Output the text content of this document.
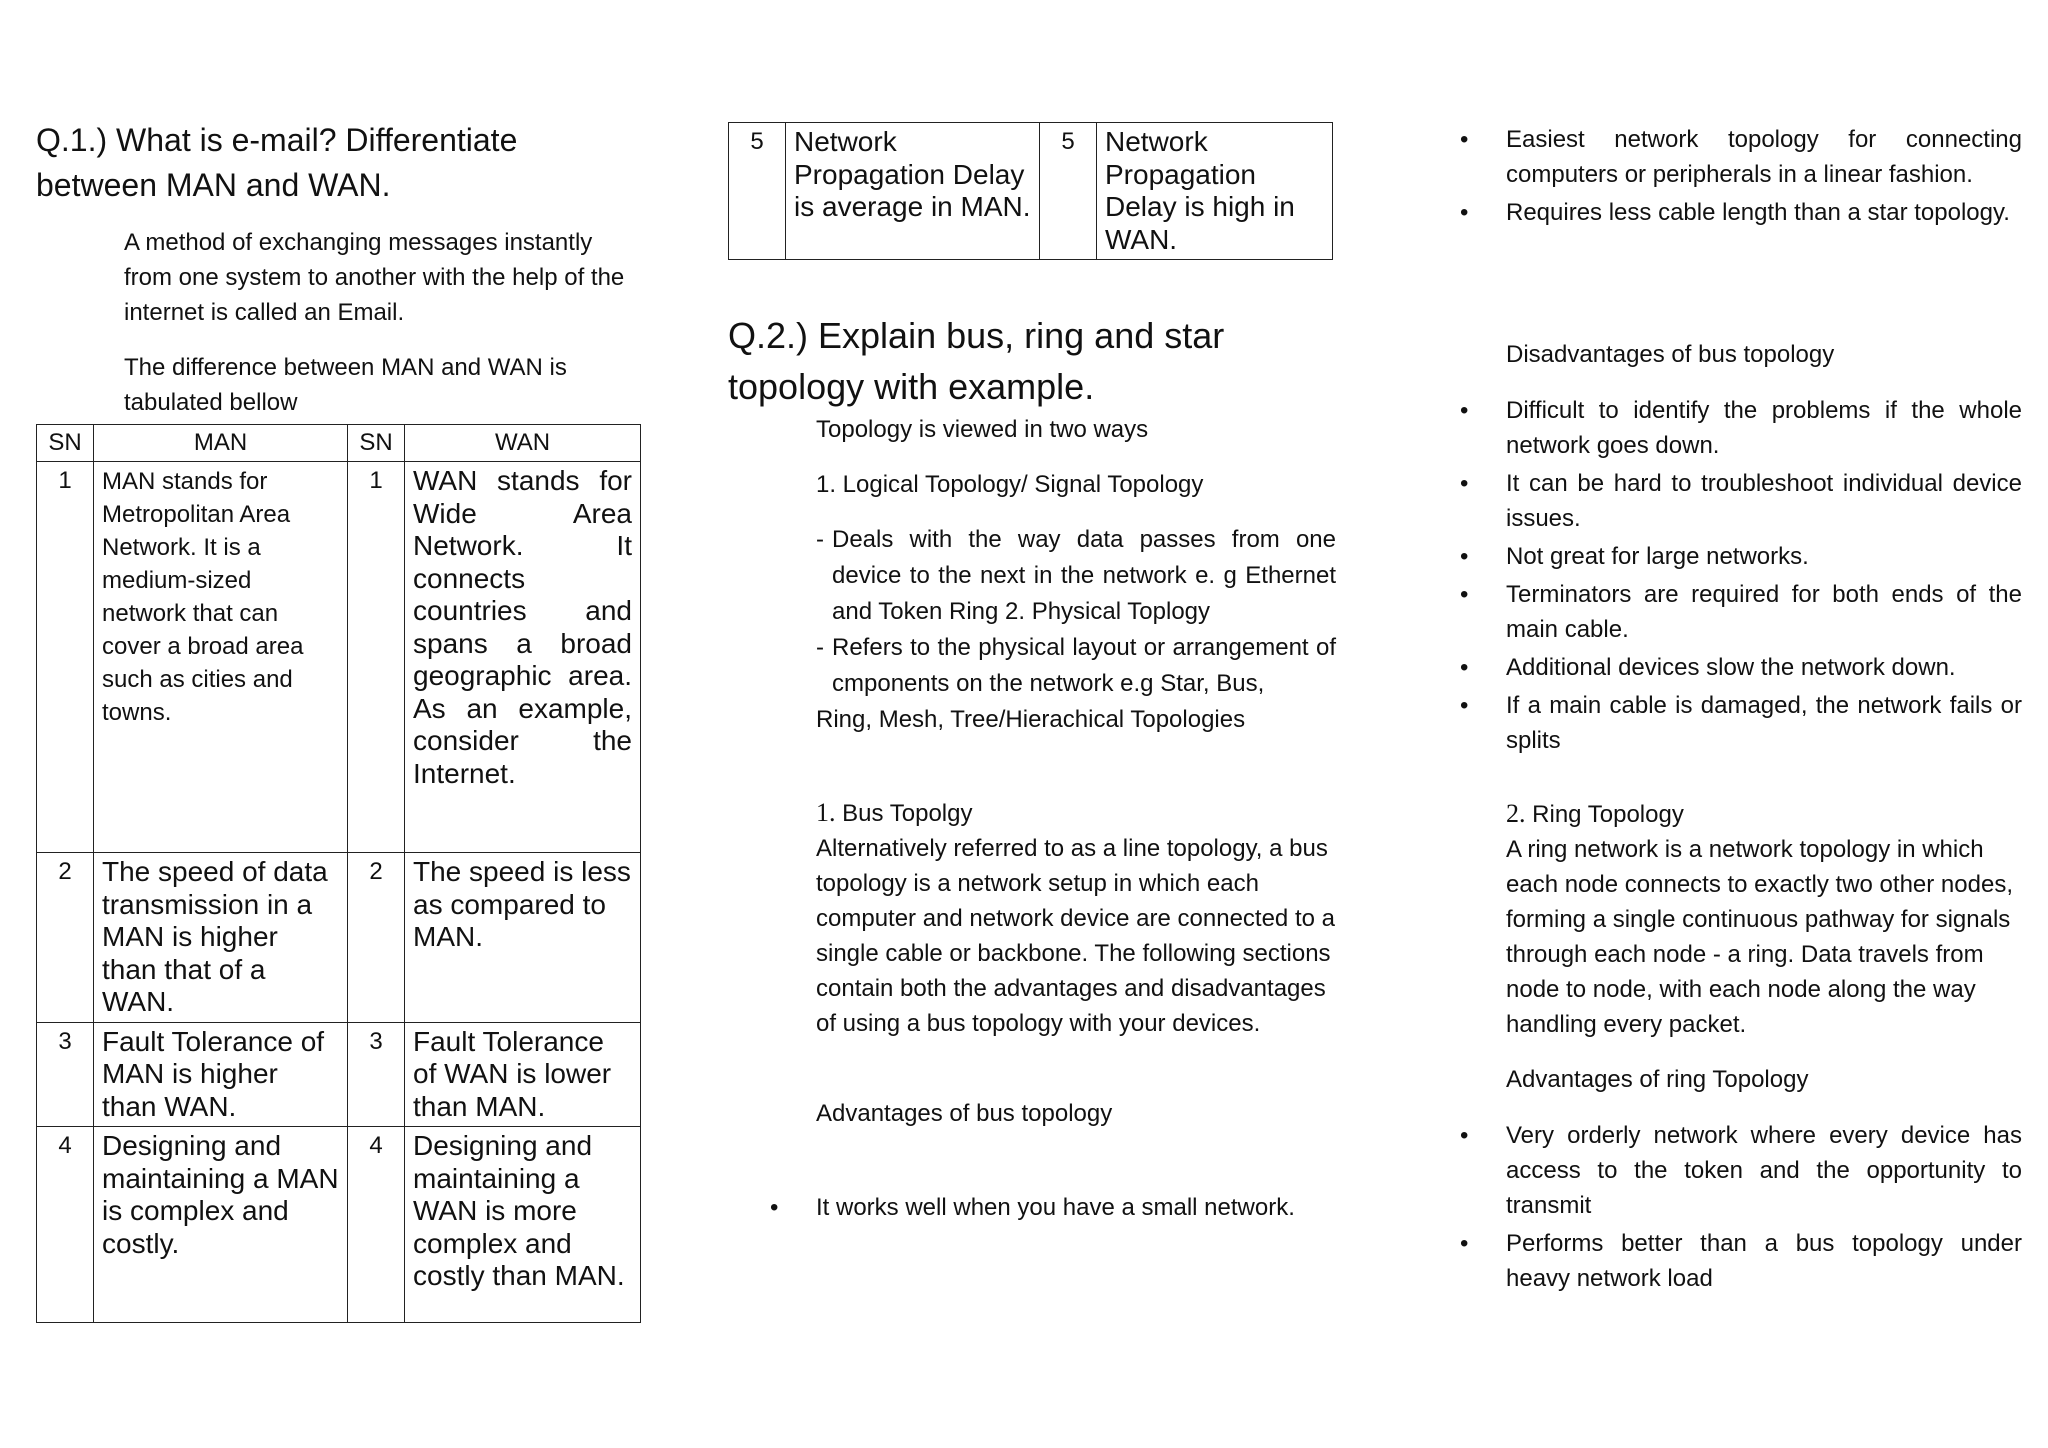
Q.1.) What is e-mail? Differentiate

between MAN and WAN.

A method of exchanging messages instantly from one system to another with the help of the internet is called an Email.

The difference between MAN and WAN is tabulated bellow

SN	MAN	SN	WAN
1	MAN stands for Metropolitan Area Network. It is a medium-sized network that can cover a broad area such as cities and towns.	1	WAN stands for Wide Area Network. It connects countries and spans a broad geographic area. As an example, consider the Internet.
2	The speed of data transmission in a MAN is higher than that of a WAN.	2	The speed is less as compared to MAN.
3	Fault Tolerance of MAN is higher than WAN.	3	Fault Tolerance of WAN is lower than MAN.
4	Designing and maintaining a MAN is complex and costly.	4	Designing and maintaining a WAN is more complex and costly than MAN.
5	Network Propagation Delay is average in MAN.	5	Network Propagation Delay is high in WAN.

Q.2.) Explain bus, ring and star

topology with example.

Topology is viewed in two ways

1. Logical Topology/ Signal Topology

- Deals with the way data passes from one device to the next in the network e. g Ethernet and Token Ring 2. Physical Toplogy
- Refers to the physical layout or arrangement of cmponents on the network e.g Star, Bus,

Ring, Mesh, Tree/Hierachical Topologies

1. Bus Topolgy

Alternatively referred to as a line topology, a bus topology is a network setup in which each computer and network device are connected to a single cable or backbone. The following sections contain both the advantages and disadvantages of using a bus topology with your devices.

Advantages of bus topology

• It works well when you have a small network.
• Easiest network topology for connecting computers or peripherals in a linear fashion.
• Requires less cable length than a star topology.

Disadvantages of bus topology

• Difficult to identify the problems if the whole network goes down.
• It can be hard to troubleshoot individual device issues.
• Not great for large networks.
• Terminators are required for both ends of the main cable.
• Additional devices slow the network down.
• If a main cable is damaged, the network fails or splits

2. Ring Topology

A ring network is a network topology in which each node connects to exactly two other nodes, forming a single continuous pathway for signals through each node - a ring. Data travels from node to node, with each node along the way handling every packet.

Advantages of ring Topology

• Very orderly network where every device has access to the token and the opportunity to transmit
• Performs better than a bus topology under heavy network load
